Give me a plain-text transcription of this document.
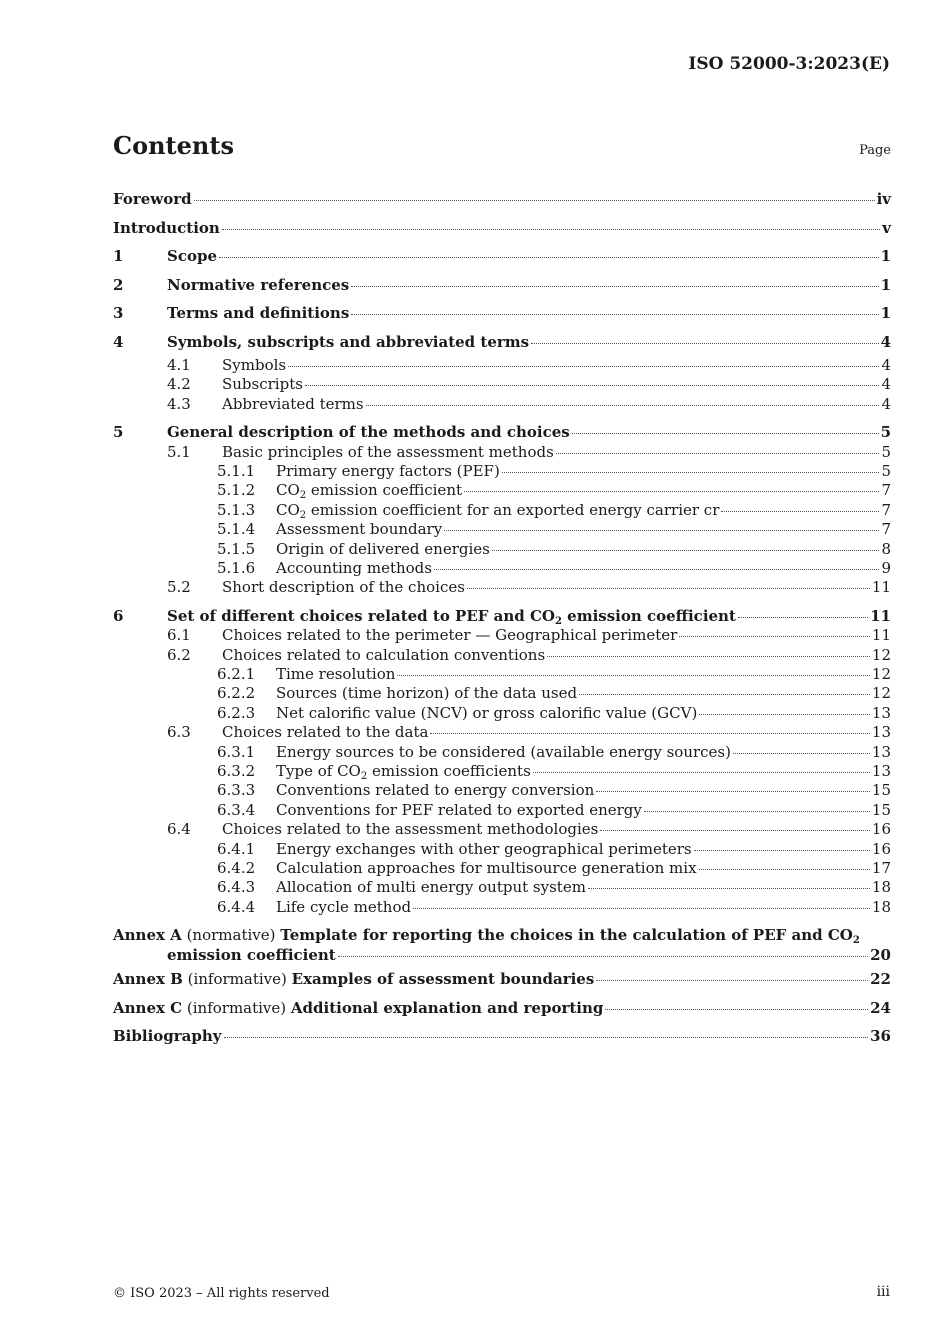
ISO 52000-3:2023(E)
Contents	Page
Foreword	iv
Introduction	v
1	Scope	1
2	Normative references	1
3	Terms and definitions	1
4	Symbols, subscripts and abbreviated terms	4
4.1	Symbols	4
4.2	Subscripts	4
4.3	Abbreviated terms	4
5	General description of the methods and choices	5
5.1	Basic principles of the assessment methods	5
5.1.1	Primary energy factors (PEF)	5
5.1.2	$CO_2$ emission coefficient	7
5.1.3	$CO_2$ emission coefficient for an exported energy carrier cr	7
5.1.4	Assessment boundary	7
5.1.5	Origin of delivered energies	8
5.1.6	Accounting methods	9
5.2	Short description of the choices	11
6	Set of different choices related to PEF and $CO_2$ emission coefficient	11
6.1	Choices related to the perimeter — Geographical perimeter	11
6.2	Choices related to calculation conventions	12
6.2.1	Time resolution	12
6.2.2	Sources (time horizon) of the data used	12
6.2.3	Net calorific value (NCV) or gross calorific value (GCV)	13
6.3	Choices related to the data	13
6.3.1	Energy sources to be considered (available energy sources)	13
6.3.2	Type of $CO_2$ emission coefficients	13
6.3.3	Conventions related to energy conversion	15
6.3.4	Conventions for PEF related to exported energy	15
6.4	Choices related to the assessment methodologies	16
6.4.1	Energy exchanges with other geographical perimeters	16
6.4.2	Calculation approaches for multisource generation mix	17
6.4.3	Allocation of multi energy output system	18
6.4.4	Life cycle method	18
Annex A (normative) Template for reporting the choices in the calculation of PEF and $CO_2$
emission coefficient	20
Annex B (informative) Examples of assessment boundaries	22
Annex C (informative) Additional explanation and reporting	24
Bibliography	36
© ISO 2023 – All rights reserved	iii
